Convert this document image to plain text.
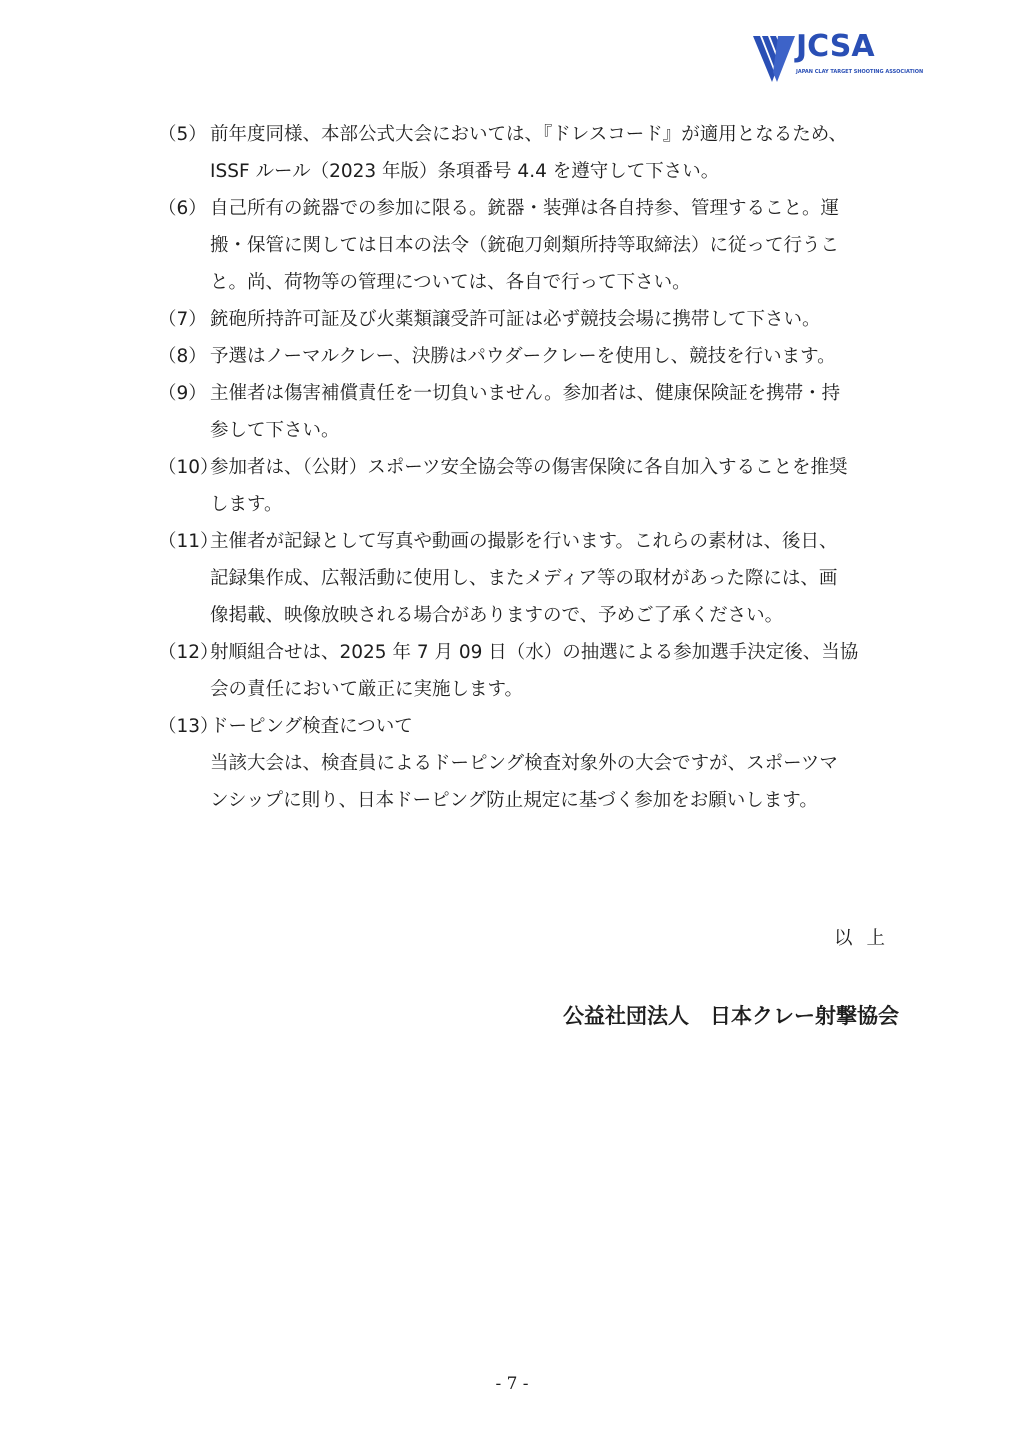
JCSA
JAPAN CLAY TARGET SHOOTING ASSOCIATION
（5） 前年度同様、本部公式大会においては、『ドレスコード』が適用となるため、
ISSF ルール（2023 年版）条項番号 4.4 を遵守して下さい。
（6） 自己所有の銃器での参加に限る。銃器・装弾は各自持参、管理すること。運
搬・保管に関しては日本の法令（銃砲刀剣類所持等取締法）に従って行うこ
と。尚、荷物等の管理については、各自で行って下さい。
（7） 銃砲所持許可証及び火薬類譲受許可証は必ず競技会場に携帯して下さい。
（8） 予選はノーマルクレー、決勝はパウダークレーを使用し、競技を行います。
（9） 主催者は傷害補償責任を一切負いません。参加者は、健康保険証を携帯・持
参して下さい。
（10）
参加者は、（公財）スポーツ安全協会等の傷害保険に各自加入することを推奨
します。
（11）
主催者が記録として写真や動画の撮影を行います。これらの素材は、後日、
記録集作成、広報活動に使用し、またメディア等の取材があった際には、画
像掲載、映像放映される場合がありますので、予めご了承ください。
（12）
射順組合せは、2025 年 7 月 09 日（水）の抽選による参加選手決定後、当協
会の責任において厳正に実施します。
（13）
ドーピング検査について
当該大会は、検査員によるドーピング検査対象外の大会ですが、スポーツマ
ンシップに則り、日本ドーピング防止規定に基づく参加をお願いします。
以上
公益社団法人　日本クレー射撃協会
- 7 -
